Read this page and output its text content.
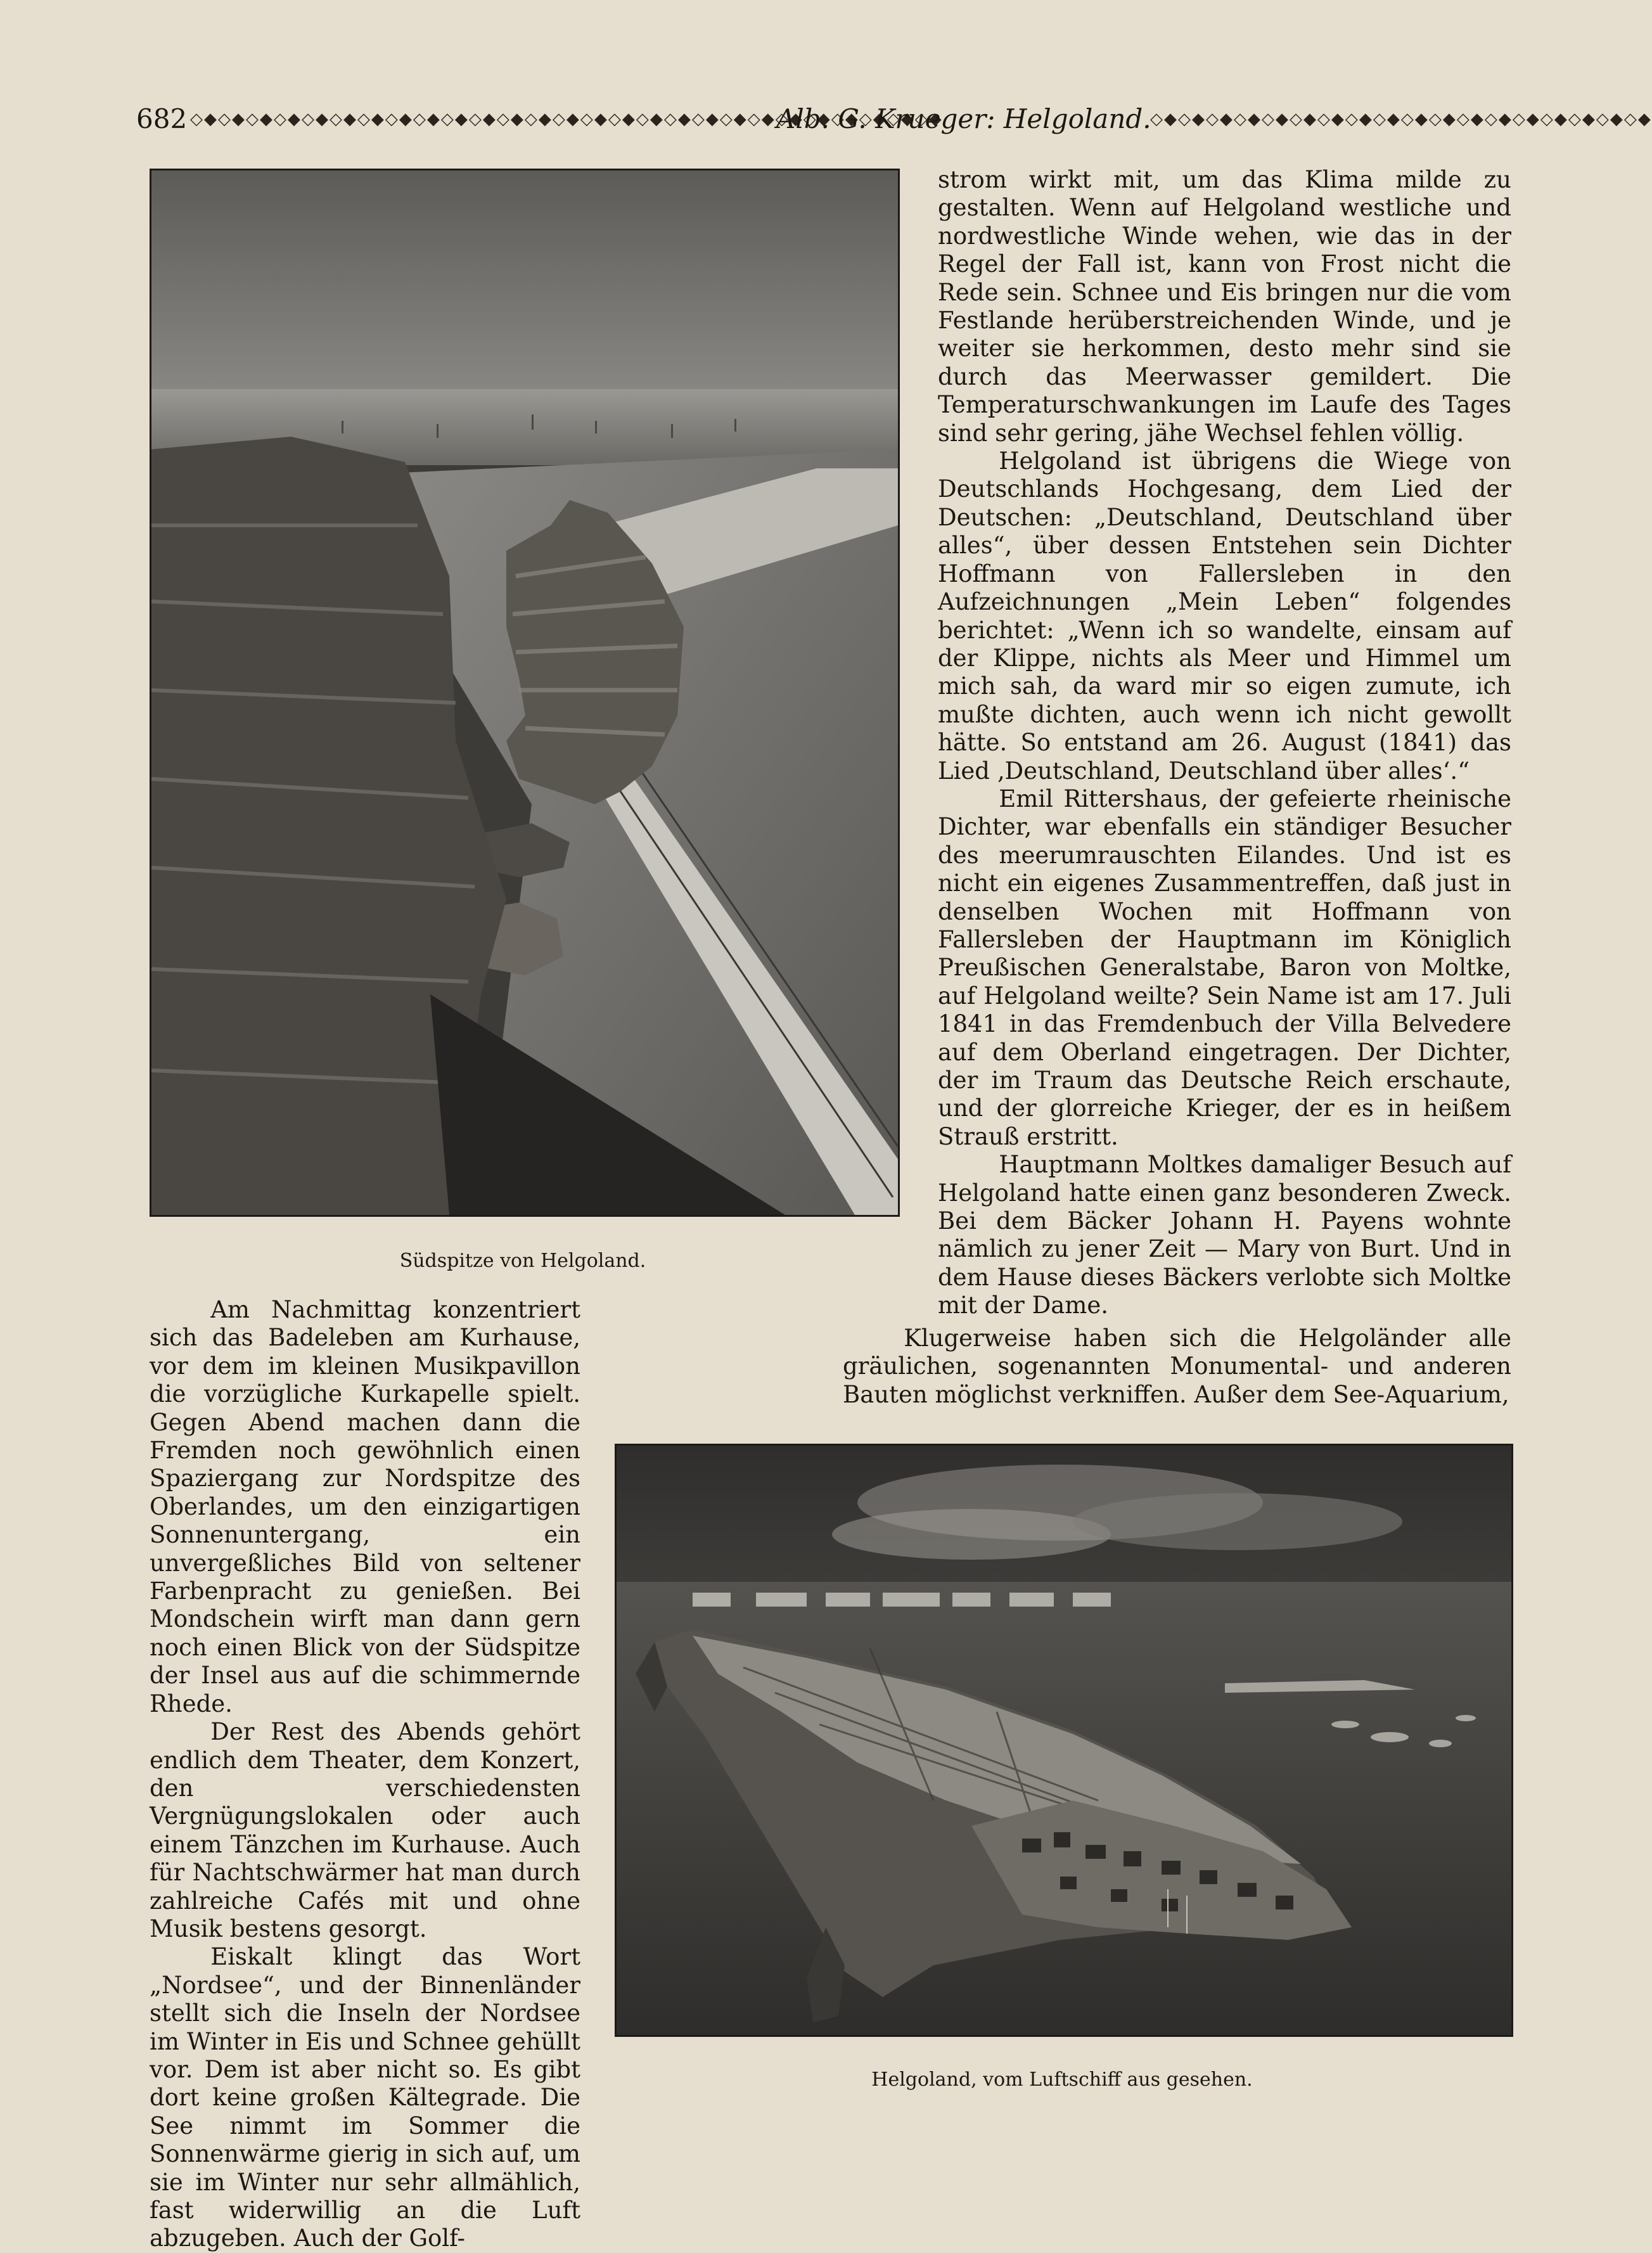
682 ◇◆◇◆◇◆◇◆◇◆◇◆◇◆◇◆◇◆◇◆◇◆◇◆◇◆◇◆◇◆◇◆◇◆◇◆◇◆◇◆◇◆◇◆◇◆◇◆◇◆◇◆◇◆
Alb. G. Krueger: Helgoland.
◇◆◇◆◇◆◇◆◇◆◇◆◇◆◇◆◇◆◇◆◇◆◇◆◇◆◇◆◇◆◇◆◇◆◇◆
Südspitze von Helgoland.

strom wirkt mit, um das Klima milde zu gestalten. Wenn auf Helgoland westliche und nordwestliche Winde wehen, wie das in der Regel der Fall ist, kann von Frost nicht die Rede sein. Schnee und Eis bringen nur die vom Festlande herüberstreichenden Winde, und je weiter sie herkommen, desto mehr sind sie durch das Meerwasser gemildert. Die Temperaturschwankungen im Laufe des Tages sind sehr gering, jähe Wechsel fehlen völlig.

Helgoland ist übrigens die Wiege von Deutschlands Hochgesang, dem Lied der Deutschen: „Deutschland, Deutschland über alles“, über dessen Entstehen sein Dichter Hoffmann von Fallersleben in den Aufzeichnungen „Mein Leben“ folgendes berichtet: „Wenn ich so wandelte, einsam auf der Klippe, nichts als Meer und Himmel um mich sah, da ward mir so eigen zumute, ich mußte dichten, auch wenn ich nicht gewollt hätte. So entstand am 26. August (1841) das Lied ‚Deutschland, Deutschland über alles‘.“

Emil Rittershaus, der gefeierte rheinische Dichter, war ebenfalls ein ständiger Besucher des meerumrauschten Eilandes. Und ist es nicht ein eigenes Zusammentreffen, daß just in denselben Wochen mit Hoffmann von Fallersleben der Hauptmann im Königlich Preußischen Generalstabe, Baron von Moltke, auf Helgoland weilte? Sein Name ist am 17. Juli 1841 in das Fremdenbuch der Villa Belvedere auf dem Oberland eingetragen. Der Dichter, der im Traum das Deutsche Reich erschaute, und der glorreiche Krieger, der es in heißem Strauß erstritt.

Hauptmann Moltkes damaliger Besuch auf Helgoland hatte einen ganz besonderen Zweck. Bei dem Bäcker Johann H. Payens wohnte nämlich zu jener Zeit — Mary von Burt. Und in dem Hause dieses Bäckers verlobte sich Moltke mit der Dame.

Am Nachmittag konzentriert sich das Badeleben am Kurhause, vor dem im kleinen Musikpavillon die vorzügliche Kurkapelle spielt. Gegen Abend machen dann die Fremden noch gewöhnlich einen Spaziergang zur Nordspitze des Oberlandes, um den einzigartigen Sonnenuntergang, ein unvergeßliches Bild von seltener Farbenpracht zu genießen. Bei Mondschein wirft man dann gern noch einen Blick von der Südspitze der Insel aus auf die schimmernde Rhede.

Der Rest des Abends gehört endlich dem Theater, dem Konzert, den verschiedensten Vergnügungslokalen oder auch einem Tänzchen im Kurhause. Auch für Nachtschwärmer hat man durch zahlreiche Cafés mit und ohne Musik bestens gesorgt.

Eiskalt klingt das Wort „Nordsee“, und der Binnenländer stellt sich die Inseln der Nordsee im Winter in Eis und Schnee gehüllt vor. Dem ist aber nicht so. Es gibt dort keine großen Kältegrade. Die See nimmt im Sommer die Sonnenwärme gierig in sich auf, um sie im Winter nur sehr allmählich, fast widerwillig an die Luft abzugeben. Auch der Golf-

Klugerweise haben sich die Helgoländer alle gräulichen, sogenannten Monumental- und anderen Bauten möglichst verkniffen. Außer dem See-Aquarium,

Helgoland, vom Luftschiff aus gesehen.
